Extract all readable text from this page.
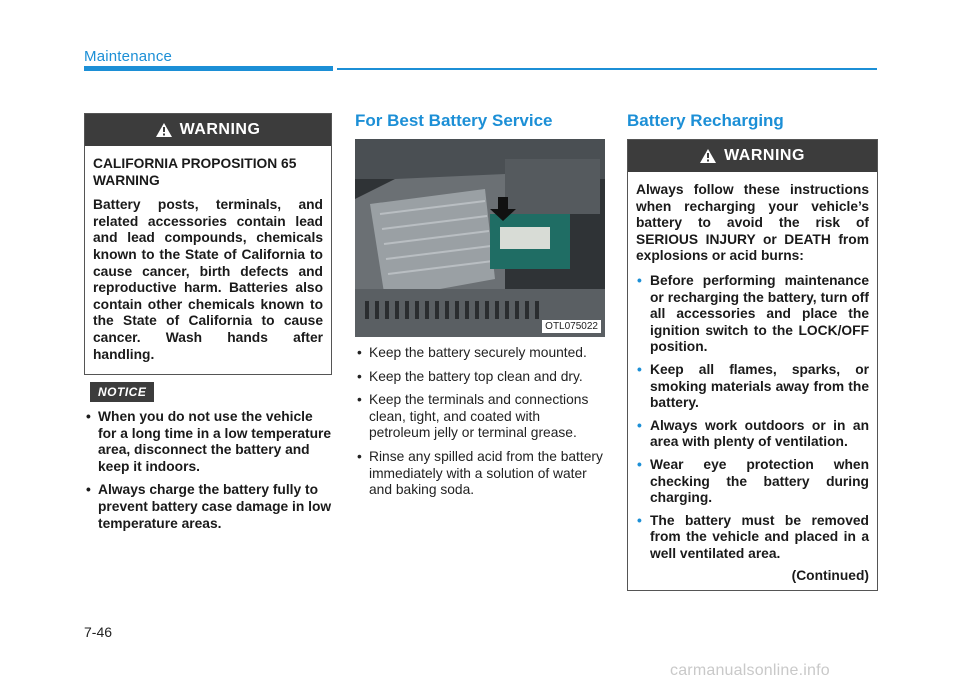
Maintenance
WARNING

CALIFORNIA PROPOSITION 65 WARNING

Battery posts, terminals, and related accessories contain lead and lead compounds, chemicals known to the State of California to cause cancer, birth defects and reproductive harm. Batteries also contain other chemicals known to the State of California to cause cancer. Wash hands after handling.

NOTICE
• When you do not use the vehicle for a long time in a low temperature area, disconnect the battery and keep it indoors.
• Always charge the battery fully to prevent battery case damage in low temperature areas.
For Best Battery Service
OTL075022
• Keep the battery securely mounted.
• Keep the battery top clean and dry.
• Keep the terminals and connections clean, tight, and coated with petroleum jelly or terminal grease.
• Rinse any spilled acid from the battery immediately with a solution of water and baking soda.
Battery Recharging
WARNING

Always follow these instructions when recharging your vehicle’s battery to avoid the risk of SERIOUS INJURY or DEATH from explosions or acid burns:

• Before performing maintenance or recharging the battery, turn off all accessories and place the ignition switch to the LOCK/OFF position.
• Keep all flames, sparks, or smoking materials away from the battery.
• Always work outdoors or in an area with plenty of ventilation.
• Wear eye protection when checking the battery during charging.
• The battery must be removed from the vehicle and placed in a well ventilated area.
(Continued)
7-46
carmanualsonline.info
